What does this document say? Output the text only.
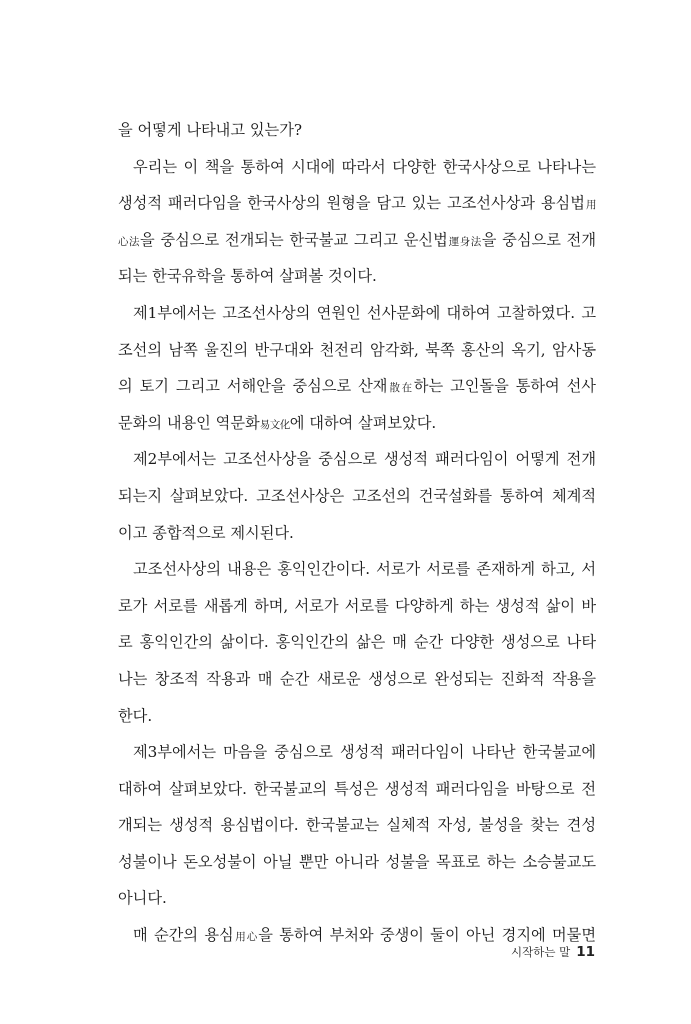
을 어떻게 나타내고 있는가?
우리는 이 책을 통하여 시대에 따라서 다양한 한국사상으로 나타나는
생성적 패러다임을 한국사상의 원형을 담고 있는 고조선사상과 용심법用
心法을 중심으로 전개되는 한국불교 그리고 운신법運身法을 중심으로 전개
되는 한국유학을 통하여 살펴볼 것이다.
제1부에서는 고조선사상의 연원인 선사문화에 대하여 고찰하였다. 고
조선의 남쪽 울진의 반구대와 천전리 암각화, 북쪽 홍산의 옥기, 암사동
의 토기 그리고 서해안을 중심으로 산재散在하는 고인돌을 통하여 선사
문화의 내용인 역문화易文化에 대하여 살펴보았다.
제2부에서는 고조선사상을 중심으로 생성적 패러다임이 어떻게 전개
되는지 살펴보았다. 고조선사상은 고조선의 건국설화를 통하여 체계적
이고 종합적으로 제시된다.
고조선사상의 내용은 홍익인간이다. 서로가 서로를 존재하게 하고, 서
로가 서로를 새롭게 하며, 서로가 서로를 다양하게 하는 생성적 삶이 바
로 홍익인간의 삶이다. 홍익인간의 삶은 매 순간 다양한 생성으로 나타
나는 창조적 작용과 매 순간 새로운 생성으로 완성되는 진화적 작용을
한다.
제3부에서는 마음을 중심으로 생성적 패러다임이 나타난 한국불교에
대하여 살펴보았다. 한국불교의 특성은 생성적 패러다임을 바탕으로 전
개되는 생성적 용심법이다. 한국불교는 실체적 자성, 불성을 찾는 견성
성불이나 돈오성불이 아닐 뿐만 아니라 성불을 목표로 하는 소승불교도
아니다.
매 순간의 용심用心을 통하여 부처와 중생이 둘이 아닌 경지에 머물면
시작하는 말 11
